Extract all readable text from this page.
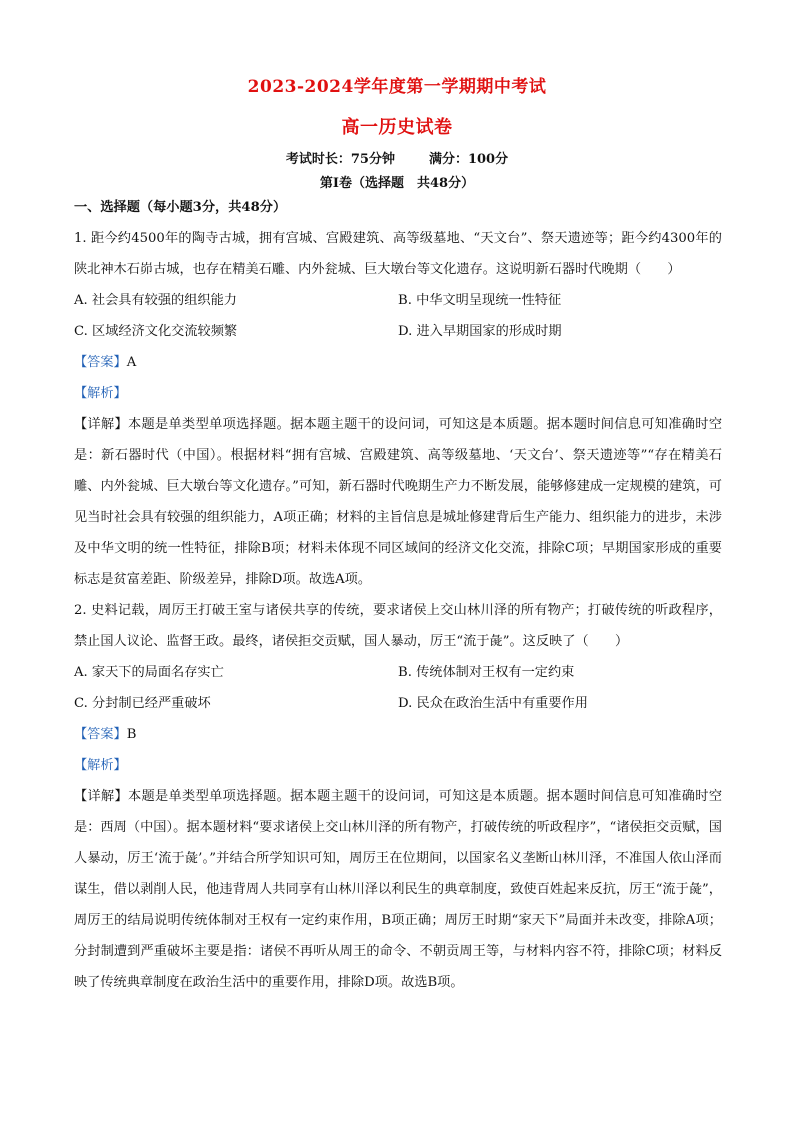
2023-2024学年度第一学期期中考试
高一历史试卷
考试时长：75分钟	满分：100分
第Ⅰ卷（选择题　共48分）
一、选择题（每小题3分，共48分）

1. 距今约4500年的陶寺古城，拥有宫城、宫殿建筑、高等级墓地、“天文台”、祭天遗迹等；距今约4300年的陕北神木石峁古城，也存在精美石雕、内外瓮城、巨大墩台等文化遗存。这说明新石器时代晚期（　　）

A. 社会具有较强的组织能力	B. 中华文明呈现统一性特征
C. 区域经济文化交流较频繁	D. 进入早期国家的形成时期
【答案】A
【解析】

【详解】本题是单类型单项选择题。据本题主题干的设问词，可知这是本质题。据本题时间信息可知准确时空是：新石器时代（中国）。根据材料“拥有宫城、宫殿建筑、高等级墓地、‘天文台’、祭天遗迹等”“存在精美石雕、内外瓮城、巨大墩台等文化遗存。”可知，新石器时代晚期生产力不断发展，能够修建成一定规模的建筑，可见当时社会具有较强的组织能力，A项正确；材料的主旨信息是城址修建背后生产能力、组织能力的进步，未涉及中华文明的统一性特征，排除B项；材料未体现不同区域间的经济文化交流，排除C项；早期国家形成的重要标志是贫富差距、阶级差异，排除D项。故选A项。

2. 史料记载，周厉王打破王室与诸侯共享的传统，要求诸侯上交山林川泽的所有物产；打破传统的听政程序，禁止国人议论、监督王政。最终，诸侯拒交贡赋，国人暴动，厉王“流于彘”。这反映了（　　）

A. 家天下的局面名存实亡	B. 传统体制对王权有一定约束
C. 分封制已经严重破坏	D. 民众在政治生活中有重要作用
【答案】B
【解析】

【详解】本题是单类型单项选择题。据本题主题干的设问词，可知这是本质题。据本题时间信息可知准确时空是：西周（中国）。据本题材料“要求诸侯上交山林川泽的所有物产，打破传统的听政程序”，“诸侯拒交贡赋，国人暴动，厉王‘流于彘’。”并结合所学知识可知，周厉王在位期间，以国家名义垄断山林川泽，不准国人依山泽而谋生，借以剥削人民，他违背周人共同享有山林川泽以利民生的典章制度，致使百姓起来反抗，厉王“流于彘”，周厉王的结局说明传统体制对王权有一定约束作用，B项正确；周厉王时期“家天下”局面并未改变，排除A项；分封制遭到严重破坏主要是指：诸侯不再听从周王的命令、不朝贡周王等，与材料内容不符，排除C项；材料反映了传统典章制度在政治生活中的重要作用，排除D项。故选B项。
